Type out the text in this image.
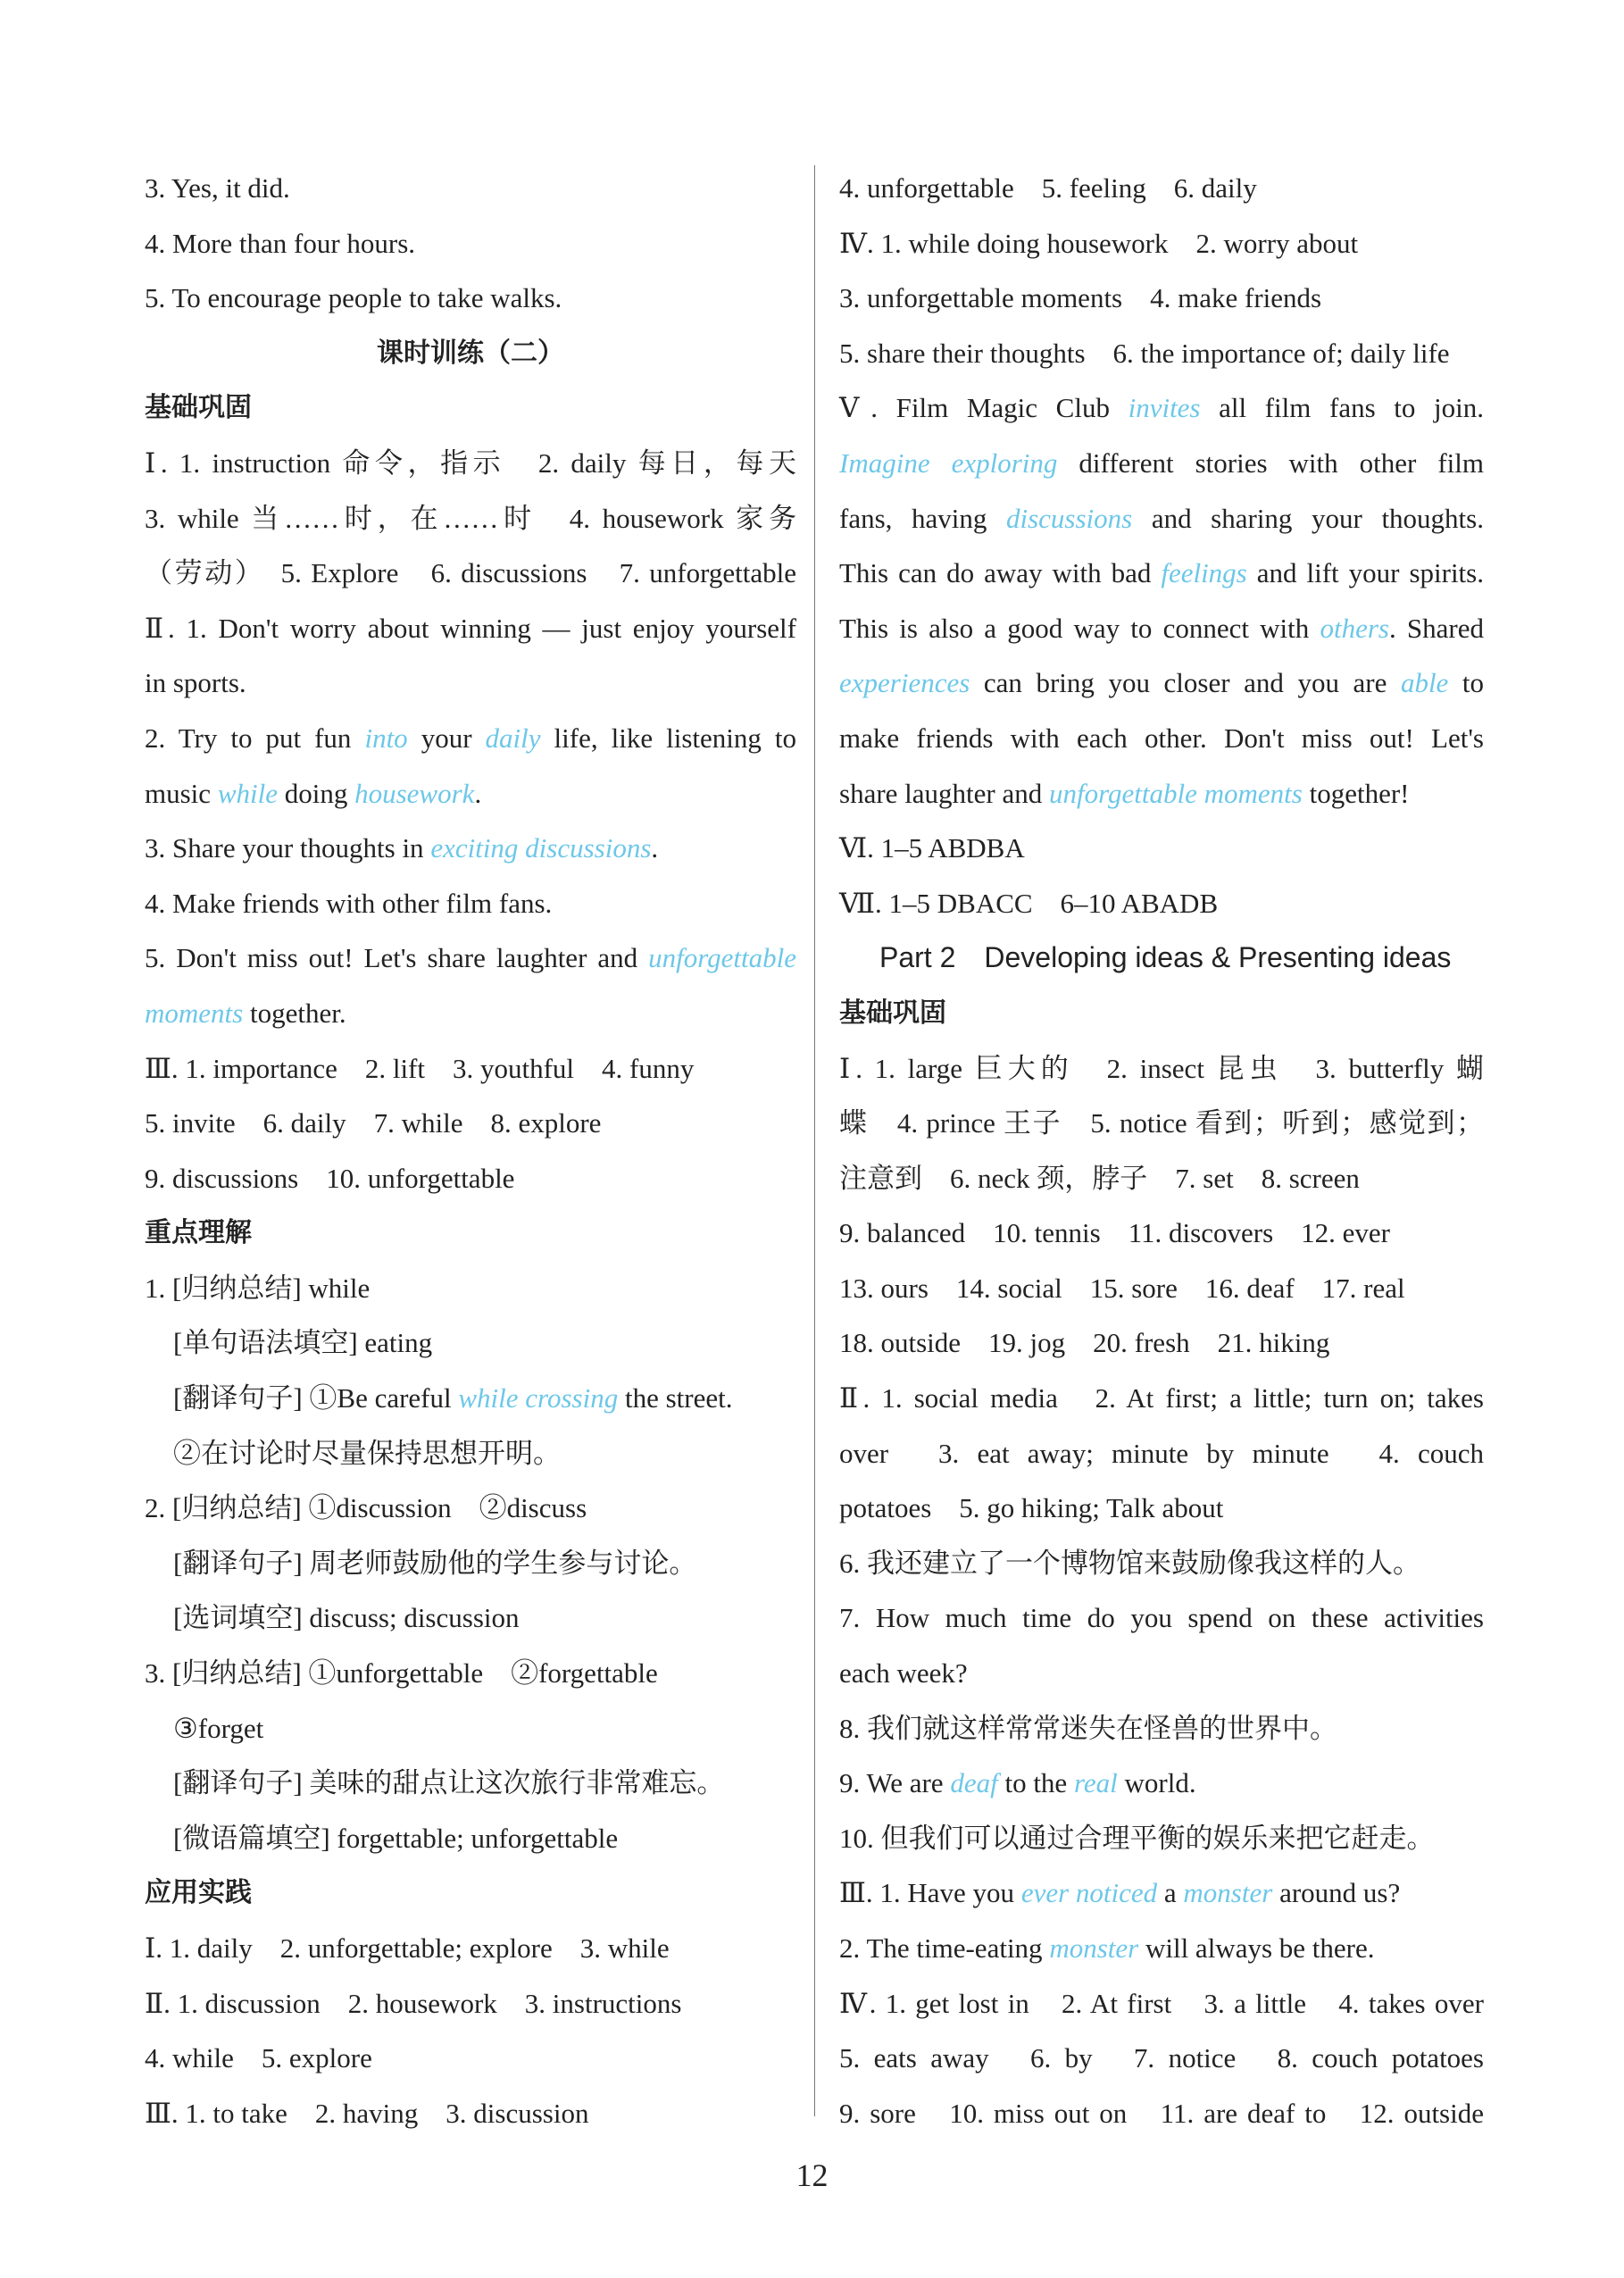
3. Yes, it did.
4. More than four hours.
5. To encourage people to take walks.
课时训练（二）
基础巩固
Ⅰ. 1. instruction 命令，指示　2. daily 每日，每天
3. while 当……时，在……时　4. housework 家务
（劳动）　5. Explore　6. discussions　7. unforgettable
Ⅱ. 1. Don't worry about winning — just enjoy yourself
in sports.
2. Try to put fun into your daily life, like listening to
music while doing housework.
3. Share your thoughts in exciting discussions.
4. Make friends with other film fans.
5. Don't miss out! Let's share laughter and unforgettable
moments together.
Ⅲ. 1. importance　2. lift　3. youthful　4. funny
5. invite　6. daily　7. while　8. explore
9. discussions　10. unforgettable
重点理解
1. [归纳总结] while
[单句语法填空] eating
[翻译句子] ①Be careful while crossing the street.
②在讨论时尽量保持思想开明。
2. [归纳总结] ①discussion　②discuss
[翻译句子] 周老师鼓励他的学生参与讨论。
[选词填空] discuss; discussion
3. [归纳总结] ①unforgettable　②forgettable
③forget
[翻译句子] 美味的甜点让这次旅行非常难忘。
[微语篇填空] forgettable; unforgettable
应用实践
Ⅰ. 1. daily　2. unforgettable; explore　3. while
Ⅱ. 1. discussion　2. housework　3. instructions
4. while　5. explore
Ⅲ. 1. to take　2. having　3. discussion
4. unforgettable　5. feeling　6. daily
Ⅳ. 1. while doing housework　2. worry about
3. unforgettable moments　4. make friends
5. share their thoughts　6. the importance of; daily life
Ⅴ. Film Magic Club invites all film fans to join.
Imagine exploring different stories with other film
fans, having discussions and sharing your thoughts.
This can do away with bad feelings and lift your spirits.
This is also a good way to connect with others. Shared
experiences can bring you closer and you are able to
make friends with each other. Don't miss out! Let's
share laughter and unforgettable moments together!
Ⅵ. 1–5 ABDBA
Ⅶ. 1–5 DBACC　6–10 ABADB
Part 2　Developing ideas & Presenting ideas
基础巩固
Ⅰ. 1. large 巨大的　2. insect 昆虫　3. butterfly 蝴
蝶　4. prince 王子　5. notice 看到；听到；感觉到；
注意到　6. neck 颈，脖子　7. set　8. screen
9. balanced　10. tennis　11. discovers　12. ever
13. ours　14. social　15. sore　16. deaf　17. real
18. outside　19. jog　20. fresh　21. hiking
Ⅱ. 1. social media　2. At first; a little; turn on; takes
over　3. eat away; minute by minute　4. couch
potatoes　5. go hiking; Talk about
6. 我还建立了一个博物馆来鼓励像我这样的人。
7. How much time do you spend on these activities
each week?
8. 我们就这样常常迷失在怪兽的世界中。
9. We are deaf to the real world.
10. 但我们可以通过合理平衡的娱乐来把它赶走。
Ⅲ. 1. Have you ever noticed a monster around us?
2. The time-eating monster will always be there.
Ⅳ. 1. get lost in　2. At first　3. a little　4. takes over
5. eats away　6. by　7. notice　8. couch potatoes
9. sore　10. miss out on　11. are deaf to　12. outside
12
